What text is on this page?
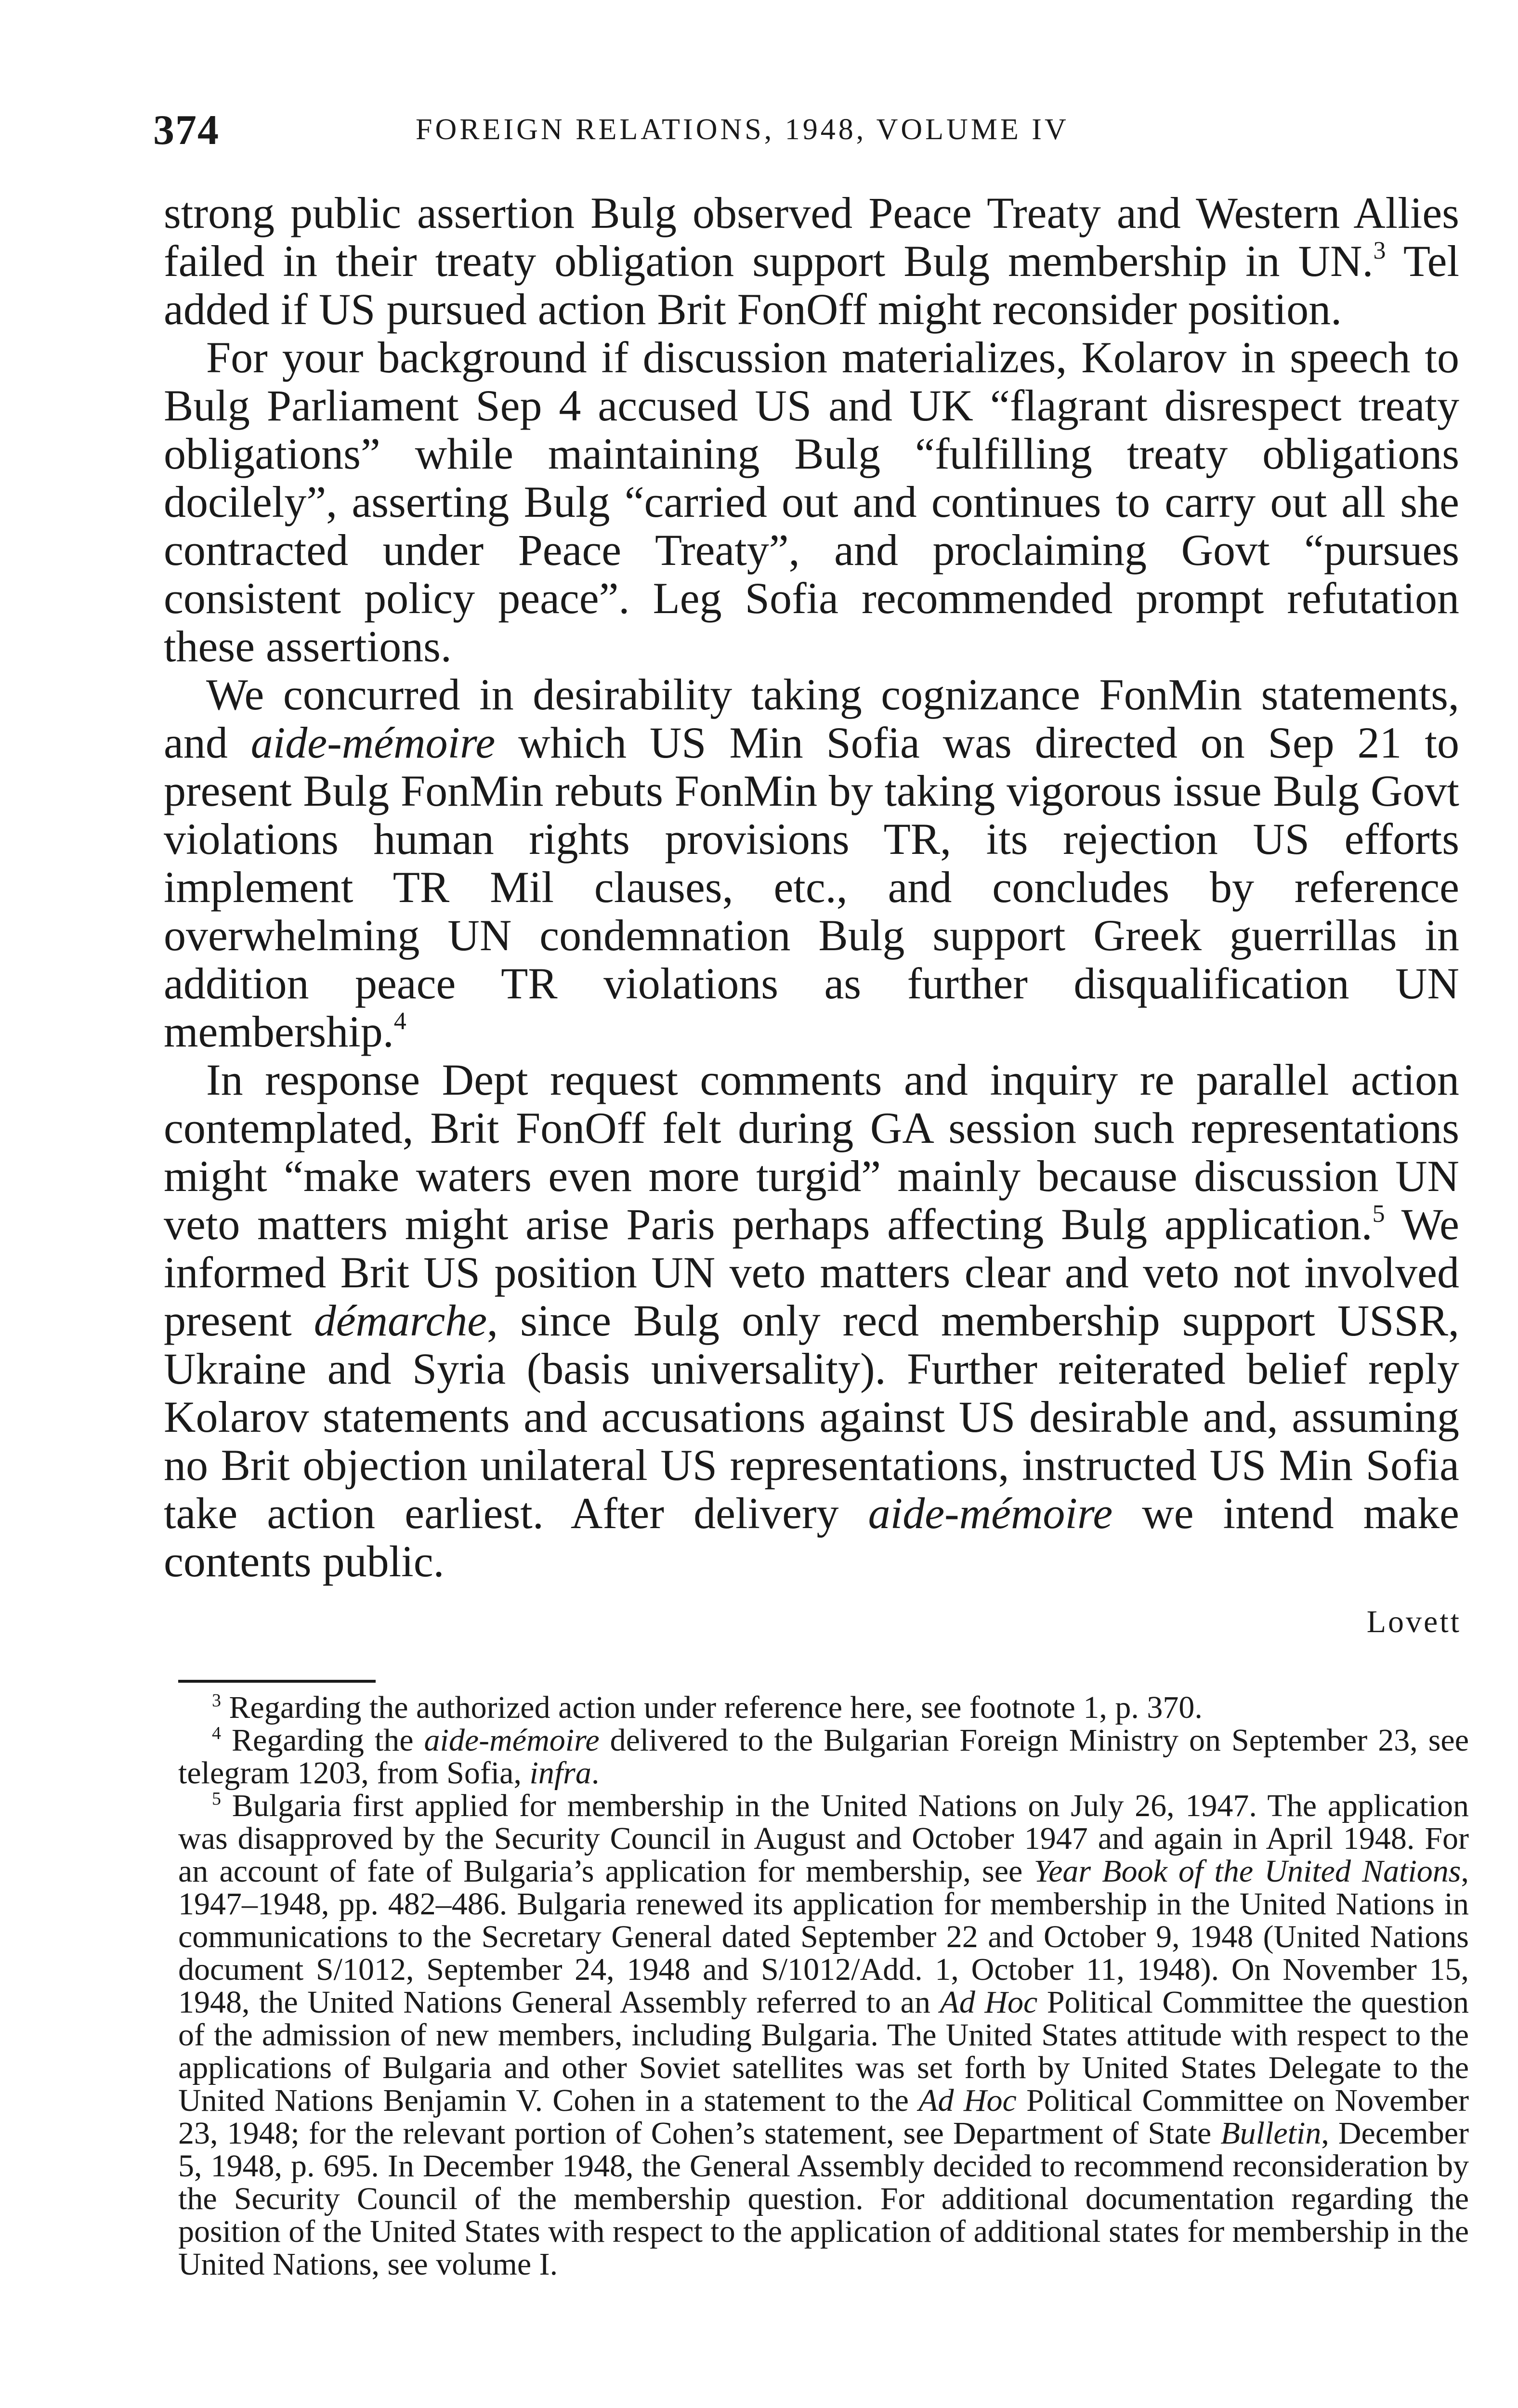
374	FOREIGN RELATIONS, 1948, VOLUME IV

strong public assertion Bulg observed Peace Treaty and Western Allies failed in their treaty obligation support Bulg membership in UN.$^3$ Tel added if US pursued action Brit FonOff might reconsider position.

For your background if discussion materializes, Kolarov in speech to Bulg Parliament Sep 4 accused US and UK “flagrant disrespect treaty obligations” while maintaining Bulg “fulfilling treaty obligations docilely”, asserting Bulg “carried out and continues to carry out all she contracted under Peace Treaty”, and proclaiming Govt “pursues consistent policy peace”. Leg Sofia recommended prompt refutation these assertions.

We concurred in desirability taking cognizance FonMin statements, and aide-mémoire which US Min Sofia was directed on Sep 21 to present Bulg FonMin rebuts FonMin by taking vigorous issue Bulg Govt violations human rights provisions TR, its rejection US efforts implement TR Mil clauses, etc., and concludes by reference overwhelming UN condemnation Bulg support Greek guerrillas in addition peace TR violations as further disqualification UN membership.$^4$

In response Dept request comments and inquiry re parallel action contemplated, Brit FonOff felt during GA session such representations might “make waters even more turgid” mainly because discussion UN veto matters might arise Paris perhaps affecting Bulg application.$^5$ We informed Brit US position UN veto matters clear and veto not involved present démarche, since Bulg only recd membership support USSR, Ukraine and Syria (basis universality). Further reiterated belief reply Kolarov statements and accusations against US desirable and, assuming no Brit objection unilateral US representations, instructed US Min Sofia take action earliest. After delivery aide-mémoire we intend make contents public.

Lovett

$^3$ Regarding the authorized action under reference here, see footnote 1, p. 370.

$^4$ Regarding the aide-mémoire delivered to the Bulgarian Foreign Ministry on September 23, see telegram 1203, from Sofia, infra.

$^5$ Bulgaria first applied for membership in the United Nations on July 26, 1947. The application was disapproved by the Security Council in August and October 1947 and again in April 1948. For an account of fate of Bulgaria’s application for membership, see Year Book of the United Nations, 1947–1948, pp. 482–486. Bulgaria renewed its application for membership in the United Nations in communications to the Secretary General dated September 22 and October 9, 1948 (United Nations document S/1012, September 24, 1948 and S/1012/Add. 1, October 11, 1948). On November 15, 1948, the United Nations General Assembly referred to an Ad Hoc Political Committee the question of the admission of new members, including Bulgaria. The United States attitude with respect to the applications of Bulgaria and other Soviet satellites was set forth by United States Delegate to the United Nations Benjamin V. Cohen in a statement to the Ad Hoc Political Committee on November 23, 1948; for the relevant portion of Cohen’s statement, see Department of State Bulletin, December 5, 1948, p. 695. In December 1948, the General Assembly decided to recommend reconsideration by the Security Council of the membership question. For additional documentation regarding the position of the United States with respect to the application of additional states for membership in the United Nations, see volume I.
